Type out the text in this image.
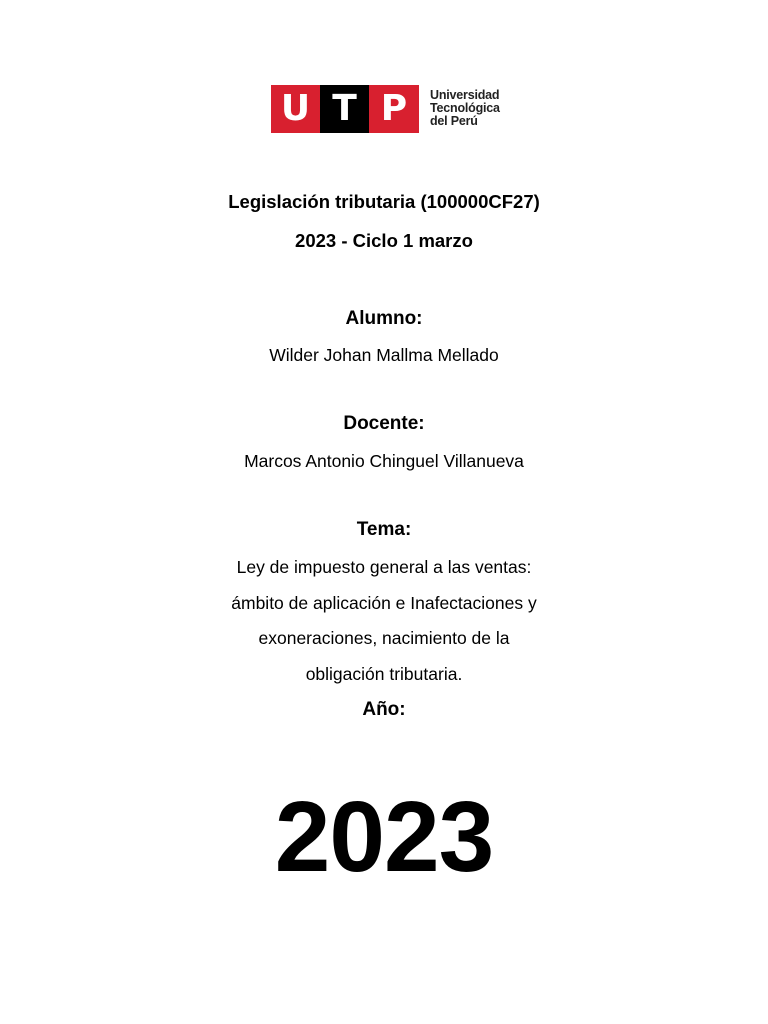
U T P	Universidad
Tecnológica
del Perú
Legislación tributaria (100000CF27)
2023 - Ciclo 1 marzo
Alumno:
Wilder Johan Mallma Mellado
Docente:
Marcos Antonio Chinguel Villanueva
Tema:
Ley de impuesto general a las ventas:
ámbito de aplicación e Inafectaciones y
exoneraciones, nacimiento de la
obligación tributaria.
Año:
2023
